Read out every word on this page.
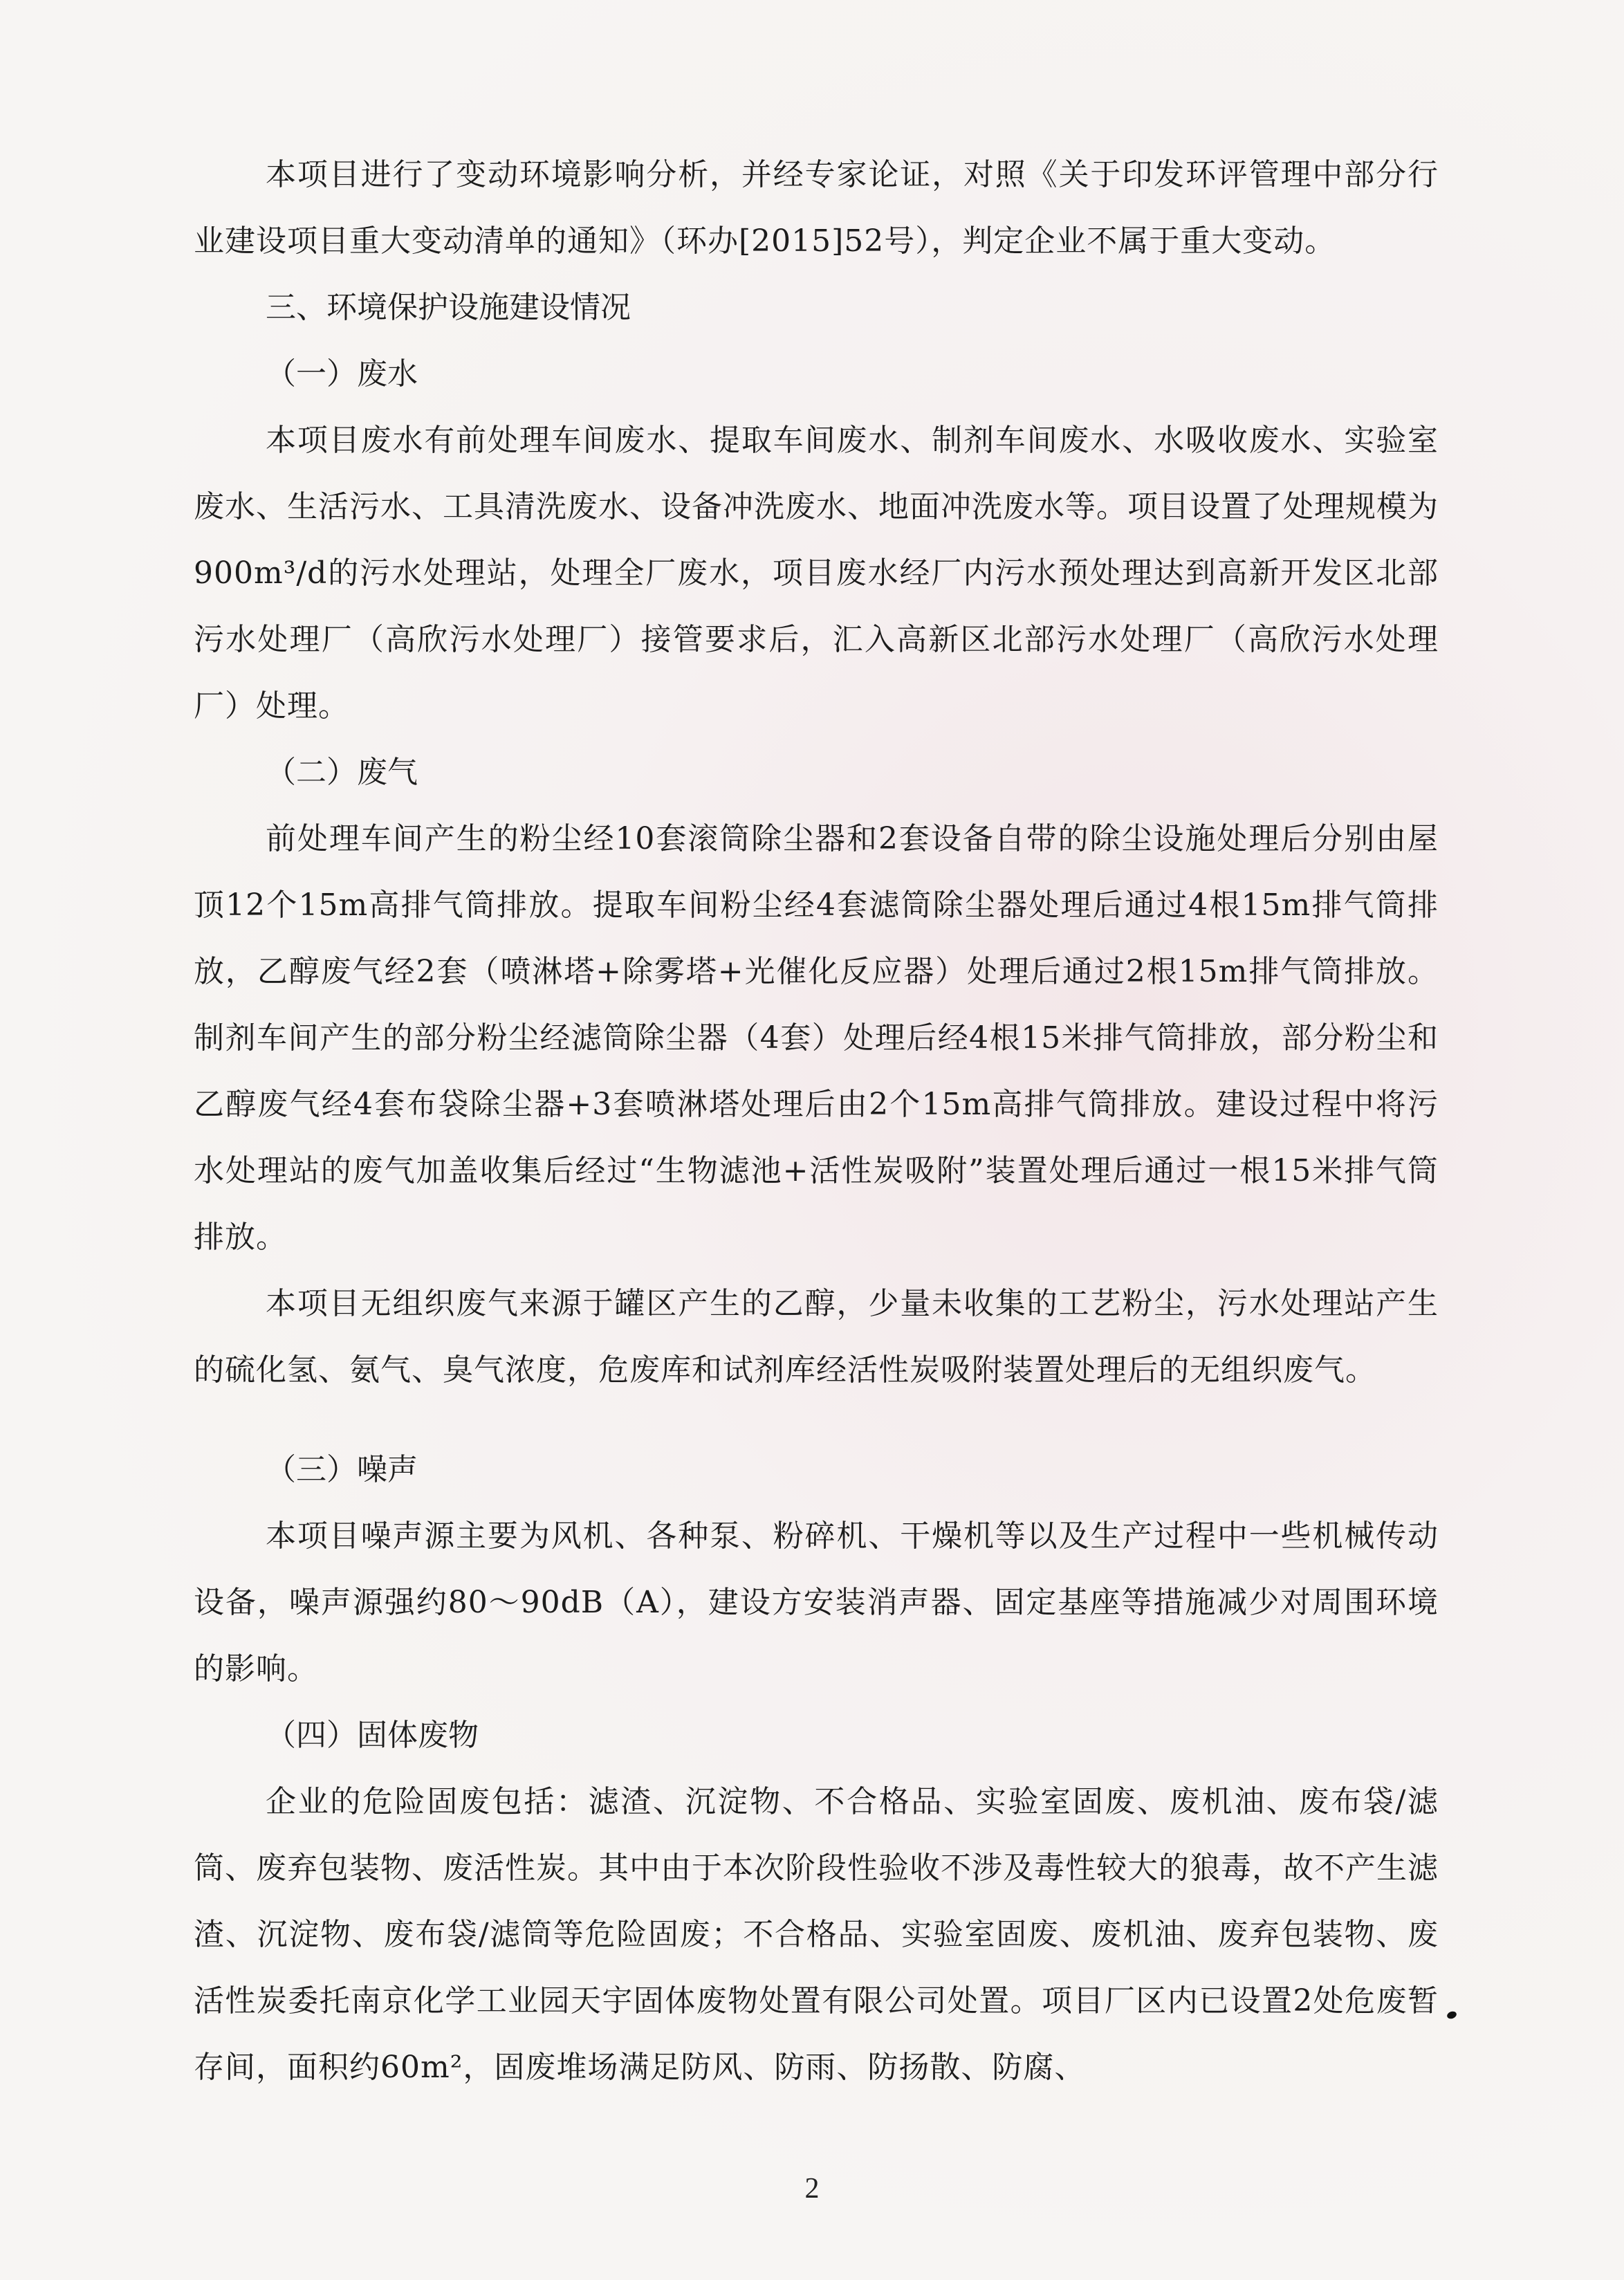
本项目进行了变动环境影响分析，并经专家论证，对照《关于印发环评管理中部分行业建设项目重大变动清单的通知》（环办[2015]52号），判定企业不属于重大变动。

三、环境保护设施建设情况

（一）废水

本项目废水有前处理车间废水、提取车间废水、制剂车间废水、水吸收废水、实验室废水、生活污水、工具清洗废水、设备冲洗废水、地面冲洗废水等。项目设置了处理规模为900m³/d的污水处理站，处理全厂废水，项目废水经厂内污水预处理达到高新开发区北部污水处理厂（高欣污水处理厂）接管要求后，汇入高新区北部污水处理厂（高欣污水处理厂）处理。

（二）废气

前处理车间产生的粉尘经10套滚筒除尘器和2套设备自带的除尘设施处理后分别由屋顶12个15m高排气筒排放。提取车间粉尘经4套滤筒除尘器处理后通过4根15m排气筒排放，乙醇废气经2套（喷淋塔+除雾塔+光催化反应器）处理后通过2根15m排气筒排放。制剂车间产生的部分粉尘经滤筒除尘器（4套）处理后经4根15米排气筒排放，部分粉尘和乙醇废气经4套布袋除尘器+3套喷淋塔处理后由2个15m高排气筒排放。建设过程中将污水处理站的废气加盖收集后经过“生物滤池+活性炭吸附”装置处理后通过一根15米排气筒排放。

本项目无组织废气来源于罐区产生的乙醇，少量未收集的工艺粉尘，污水处理站产生的硫化氢、氨气、臭气浓度，危废库和试剂库经活性炭吸附装置处理后的无组织废气。

（三）噪声

本项目噪声源主要为风机、各种泵、粉碎机、干燥机等以及生产过程中一些机械传动设备，噪声源强约80～90dB（A），建设方安装消声器、固定基座等措施减少对周围环境的影响。

（四）固体废物

企业的危险固废包括：滤渣、沉淀物、不合格品、实验室固废、废机油、废布袋/滤筒、废弃包装物、废活性炭。其中由于本次阶段性验收不涉及毒性较大的狼毒，故不产生滤渣、沉淀物、废布袋/滤筒等危险固废；不合格品、实验室固废、废机油、废弃包装物、废活性炭委托南京化学工业园天宇固体废物处置有限公司处置。项目厂区内已设置2处危废暂存间，面积约60m²，固废堆场满足防风、防雨、防扬散、防腐、

2
